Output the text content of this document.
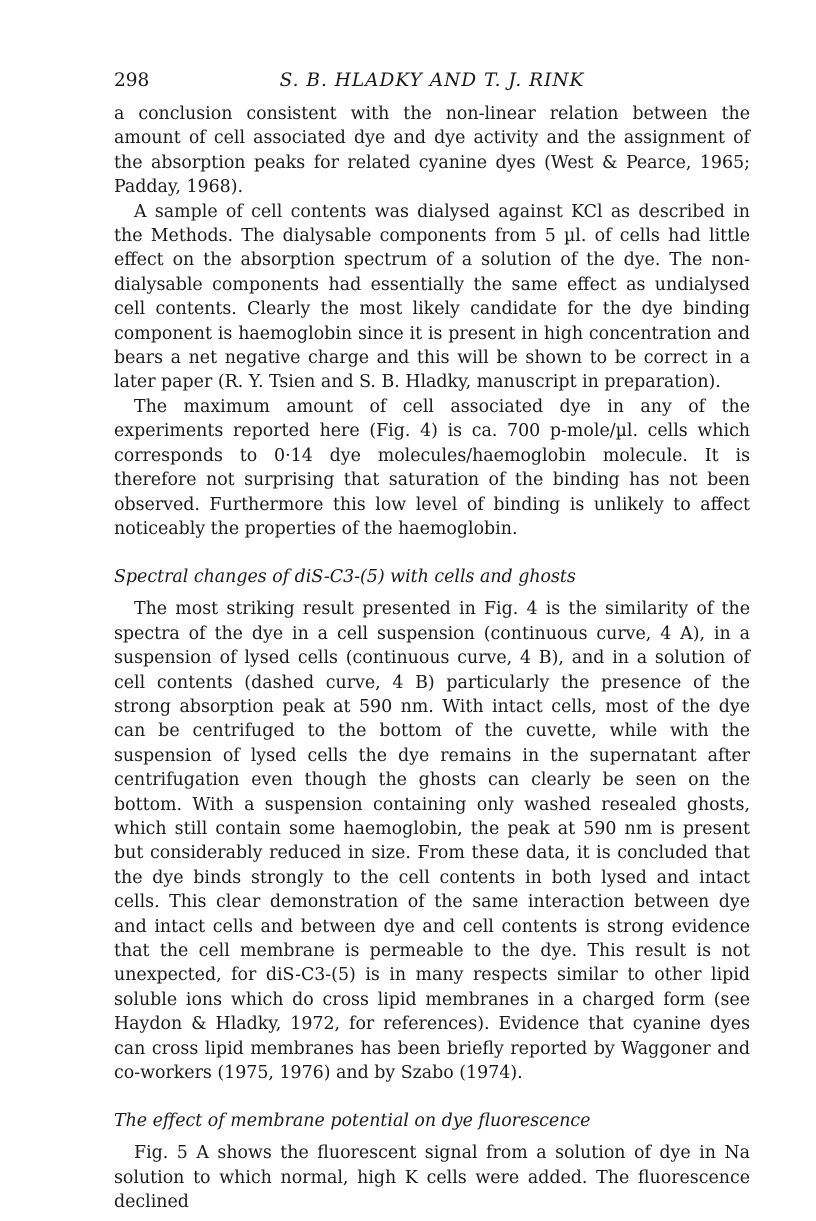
298	S. B. HLADKY AND T. J. RINK

a conclusion consistent with the non-linear relation between the amount of cell associated dye and dye activity and the assignment of the absorption peaks for related cyanine dyes (West & Pearce, 1965; Padday, 1968).

A sample of cell contents was dialysed against KCl as described in the Methods. The dialysable components from 5 µl. of cells had little effect on the absorption spectrum of a solution of the dye. The non-dialysable components had essentially the same effect as undialysed cell contents. Clearly the most likely candidate for the dye binding component is haemoglobin since it is present in high concentration and bears a net negative charge and this will be shown to be correct in a later paper (R. Y. Tsien and S. B. Hladky, manuscript in preparation).

The maximum amount of cell associated dye in any of the experiments reported here (Fig. 4) is ca. 700 p-mole/µl. cells which corresponds to 0·14 dye molecules/haemoglobin molecule. It is therefore not surprising that saturation of the binding has not been observed. Furthermore this low level of binding is unlikely to affect noticeably the properties of the haemoglobin.

Spectral changes of diS-C3-(5) with cells and ghosts

The most striking result presented in Fig. 4 is the similarity of the spectra of the dye in a cell suspension (continuous curve, 4 A), in a suspension of lysed cells (continuous curve, 4 B), and in a solution of cell contents (dashed curve, 4 B) particularly the presence of the strong absorption peak at 590 nm. With intact cells, most of the dye can be centrifuged to the bottom of the cuvette, while with the suspension of lysed cells the dye remains in the supernatant after centrifugation even though the ghosts can clearly be seen on the bottom. With a suspension containing only washed resealed ghosts, which still contain some haemoglobin, the peak at 590 nm is present but considerably reduced in size. From these data, it is concluded that the dye binds strongly to the cell contents in both lysed and intact cells. This clear demonstration of the same interaction between dye and intact cells and between dye and cell contents is strong evidence that the cell membrane is permeable to the dye. This result is not unexpected, for diS-C3-(5) is in many respects similar to other lipid soluble ions which do cross lipid membranes in a charged form (see Haydon & Hladky, 1972, for references). Evidence that cyanine dyes can cross lipid membranes has been briefly reported by Waggoner and co-workers (1975, 1976) and by Szabo (1974).

The effect of membrane potential on dye fluorescence

Fig. 5 A shows the fluorescent signal from a solution of dye in Na solution to which normal, high K cells were added. The fluorescence declined
